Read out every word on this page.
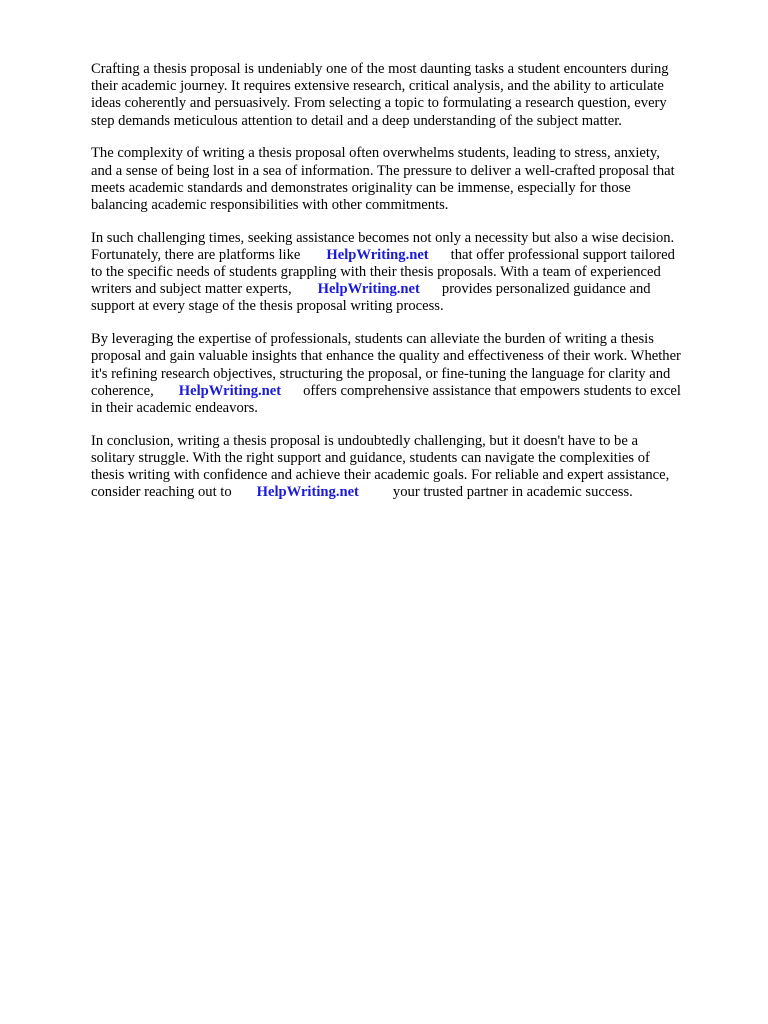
Crafting a thesis proposal is undeniably one of the most daunting tasks a student encounters during
their academic journey. It requires extensive research, critical analysis, and the ability to articulate
ideas coherently and persuasively. From selecting a topic to formulating a research question, every
step demands meticulous attention to detail and a deep understanding of the subject matter.

The complexity of writing a thesis proposal often overwhelms students, leading to stress, anxiety,
and a sense of being lost in a sea of information. The pressure to deliver a well-crafted proposal that
meets academic standards and demonstrates originality can be immense, especially for those
balancing academic responsibilities with other commitments.

In such challenging times, seeking assistance becomes not only a necessity but also a wise decision.
Fortunately, there are platforms like HelpWriting.net that offer professional support tailored
to the specific needs of students grappling with their thesis proposals. With a team of experienced
writers and subject matter experts, HelpWriting.net provides personalized guidance and
support at every stage of the thesis proposal writing process.

By leveraging the expertise of professionals, students can alleviate the burden of writing a thesis
proposal and gain valuable insights that enhance the quality and effectiveness of their work. Whether
it's refining research objectives, structuring the proposal, or fine-tuning the language for clarity and
coherence, HelpWriting.net offers comprehensive assistance that empowers students to excel
in their academic endeavors.

In conclusion, writing a thesis proposal is undoubtedly challenging, but it doesn't have to be a
solitary struggle. With the right support and guidance, students can navigate the complexities of
thesis writing with confidence and achieve their academic goals. For reliable and expert assistance,
consider reaching out to HelpWriting.net your trusted partner in academic success.
